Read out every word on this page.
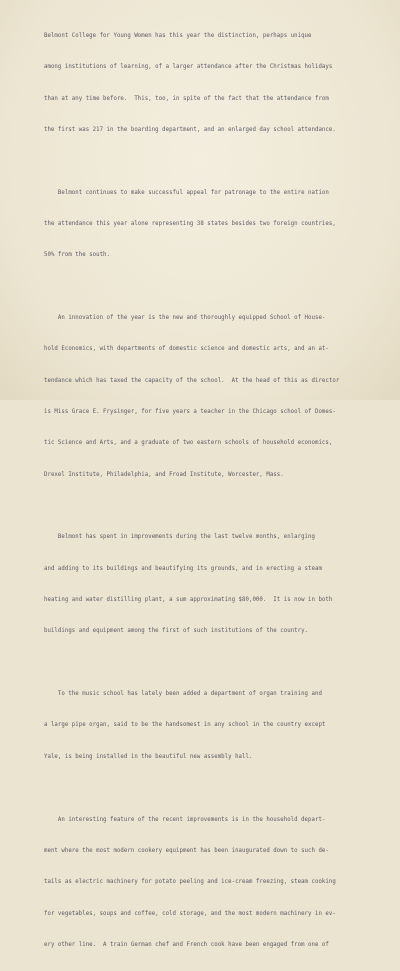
Belmont College for Young Women has this year the distinction, perhaps unique

among institutions of learning, of a larger attendance after the Christmas holidays

than at any time before.  This, too, in spite of the fact that the attendance from

the first was 217 in the boarding department, and an enlarged day school attendance.

Belmont continues to make successful appeal for patronage to the entire nation

the attendance this year alone representing 38 states besides two foreign countries,

50% from the south.

An innovation of the year is the new and thoroughly equipped School of House-

hold Economics, with departments of domestic science and domestic arts, and an at-

tendance which has taxed the capacity of the school.  At the head of this as director

is Miss Grace E. Frysinger, for five years a teacher in the Chicago school of Domes-

tic Science and Arts, and a graduate of two eastern schools of household economics,

Drexel Institute, Philadelphia, and Froad Institute, Worcester, Mass.

Belmont has spent in improvements during the last twelve months, enlarging

and adding to its buildings and beautifying its grounds, and in erecting a steam

heating and water distilling plant, a sum approximating $80,000.  It is now in both

buildings and equipment among the first of such institutions of the country.

To the music school has lately been added a department of organ training and

a large pipe organ, said to be the handsomest in any school in the country except

Yale, is being installed in the beautiful new assembly hall.

An interesting feature of the recent improvements is in the household depart-

ment where the most modern cookery equipment has been inaugurated down to such de-

tails as electric machinery for potato peeling and ice-cream freezing, steam cooking

for vegetables, soups and coffee, cold storage, and the most modern machinery in ev-

ery other line.  A train German chef and French cook have been engaged from one of
